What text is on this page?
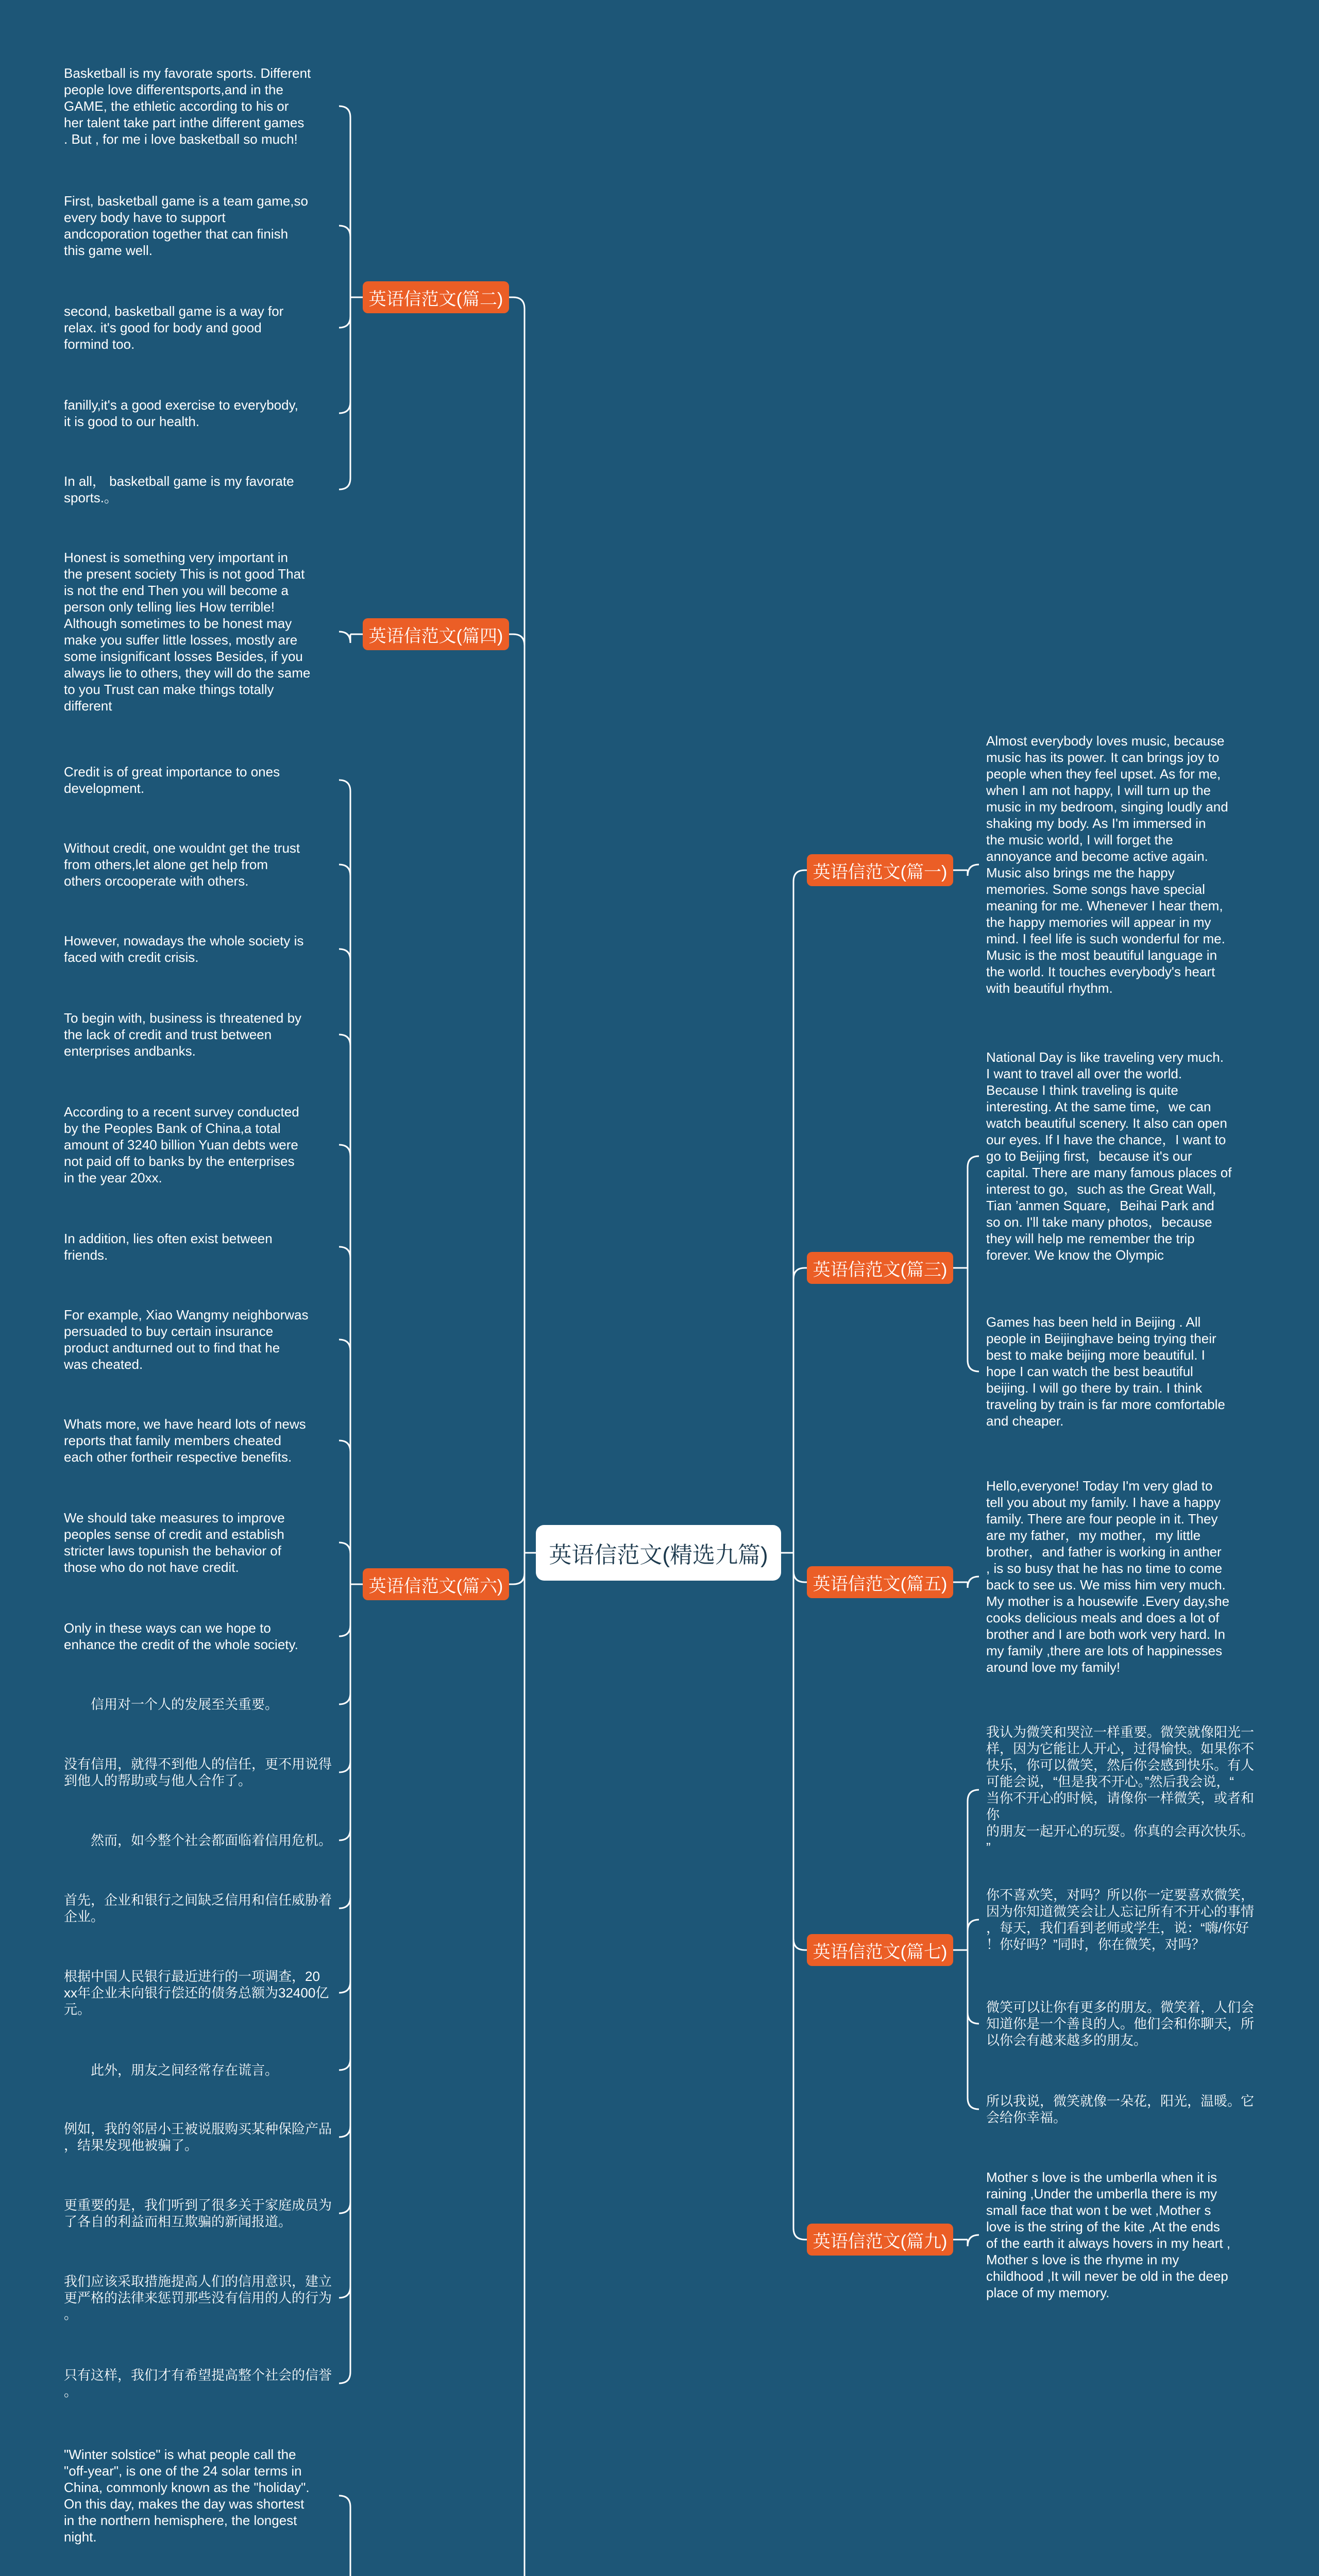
英语信范文(精选九篇)
英语信范文(篇二)
英语信范文(篇四)
英语信范文(篇六)
英语信范文(篇一)
英语信范文(篇三)
英语信范文(篇五)
英语信范文(篇七)
英语信范文(篇九)
Basketball is my favorate sports. Different
people love differentsports,and in the
GAME, the ethletic according to his or
her talent take part inthe different games
. But , for me i love basketball so much!
First, basketball game is a team game,so
every body have to support
andcoporation together that can finish
this game well.
second, basketball game is a way for
relax. it's good for body and good
formind too.
fanilly,it's a good exercise to everybody,
it is good to our health.
In all， basketball game is my favorate
sports.。
Honest is something very important in
the present society This is not good That
is not the end Then you will become a
person only telling lies How terrible!
Although sometimes to be honest may
make you suffer little losses, mostly are
some insignificant losses Besides, if you
always lie to others, they will do the same
to you Trust can make things totally
different
Credit is of great importance to ones
development.
Without credit, one wouldnt get the trust
from others,let alone get help from
others orcooperate with others.
However, nowadays the whole society is
faced with credit crisis.
To begin with, business is threatened by
the lack of credit and trust between
enterprises andbanks.
According to a recent survey conducted
by the Peoples Bank of China,a total
amount of 3240 billion Yuan debts were
not paid off to banks by the enterprises
in the year 20xx.
In addition, lies often exist between
friends.
For example, Xiao Wangmy neighborwas
persuaded to buy certain insurance
product andturned out to find that he
was cheated.
Whats more, we have heard lots of news
reports that family members cheated
each other fortheir respective benefits.
We should take measures to improve
peoples sense of credit and establish
stricter laws topunish the behavior of
those who do not have credit.
Only in these ways can we hope to
enhance the credit of the whole society.
　　信用对一个人的发展至关重要。
没有信用，就得不到他人的信任，更不用说得
到他人的帮助或与他人合作了。
　　然而，如今整个社会都面临着信用危机。
首先，企业和银行之间缺乏信用和信任威胁着
企业。
根据中国人民银行最近进行的一项调查，20
xx年企业未向银行偿还的债务总额为32400亿
元。
　　此外，朋友之间经常存在谎言。
例如，我的邻居小王被说服购买某种保险产品
，结果发现他被骗了。
更重要的是，我们听到了很多关于家庭成员为
了各自的利益而相互欺骗的新闻报道。
我们应该采取措施提高人们的信用意识，建立
更严格的法律来惩罚那些没有信用的人的行为
。
只有这样，我们才有希望提高整个社会的信誉
。
"Winter solstice" is what people call the
"off-year", is one of the 24 solar terms in
China, commonly known as the "holiday".
On this day, makes the day was shortest
in the northern hemisphere, the longest
night.
Almost everybody loves music, because
music has its power. It can brings joy to
people when they feel upset. As for me,
when I am not happy, I will turn up the
music in my bedroom, singing loudly and
shaking my body. As I'm immersed in
the music world, I will forget the
annoyance and become active again.
Music also brings me the happy
memories. Some songs have special
meaning for me. Whenever I hear them,
the happy memories will appear in my
mind. I feel life is such wonderful for me.
Music is the most beautiful language in
the world. It touches everybody's heart
with beautiful rhythm.
National Day is like traveling very much.
I want to travel all over the world.
Because I think traveling is quite
interesting. At the same time，we can
watch beautiful scenery. It also can open
our eyes. If I have the chance，I want to
go to Beijing first，because it's our
capital. There are many famous places of
interest to go，such as the Great Wall，
Tian ’anmen Square，Beihai Park and
so on. I'll take many photos，because
they will help me remember the trip
forever. We know the Olympic
Games has been held in Beijing . All
people in Beijinghave being trying their
best to make beijing more beautiful. I
hope I can watch the best beautiful
beijing. I will go there by train. I think
traveling by train is far more comfortable
and cheaper.
Hello,everyone! Today I'm very glad to
tell you about my family. I have a happy
family. There are four people in it. They
are my father，my mother，my little
brother，and father is working in anther
, is so busy that he has no time to come
back to see us. We miss him very much.
My mother is a housewife .Every day,she
cooks delicious meals and does a lot of
brother and I are both work very hard. In
my family ,there are lots of happinesses
around love my family!
我认为微笑和哭泣一样重要。微笑就像阳光一
样，因为它能让人开心，过得愉快。如果你不
快乐，你可以微笑，然后你会感到快乐。有人
可能会说，“但是我不开心。”然后我会说，“
当你不开心的时候，请像你一样微笑，或者和你
的朋友一起开心的玩耍。你真的会再次快乐。
”
你不喜欢笑，对吗？所以你一定要喜欢微笑，
因为你知道微笑会让人忘记所有不开心的事情
，每天，我们看到老师或学生，说：“嗨/你好
！你好吗？”同时，你在微笑，对吗？
微笑可以让你有更多的朋友。微笑着，人们会
知道你是一个善良的人。他们会和你聊天，所
以你会有越来越多的朋友。
所以我说，微笑就像一朵花，阳光，温暖。它
会给你幸福。
Mother s love is the umberlla when it is
raining ,Under the umberlla there is my
small face that won t be wet ,Mother s
love is the string of the kite ,At the ends
of the earth it always hovers in my heart ,
Mother s love is the rhyme in my
childhood ,It will never be old in the deep
place of my memory.
